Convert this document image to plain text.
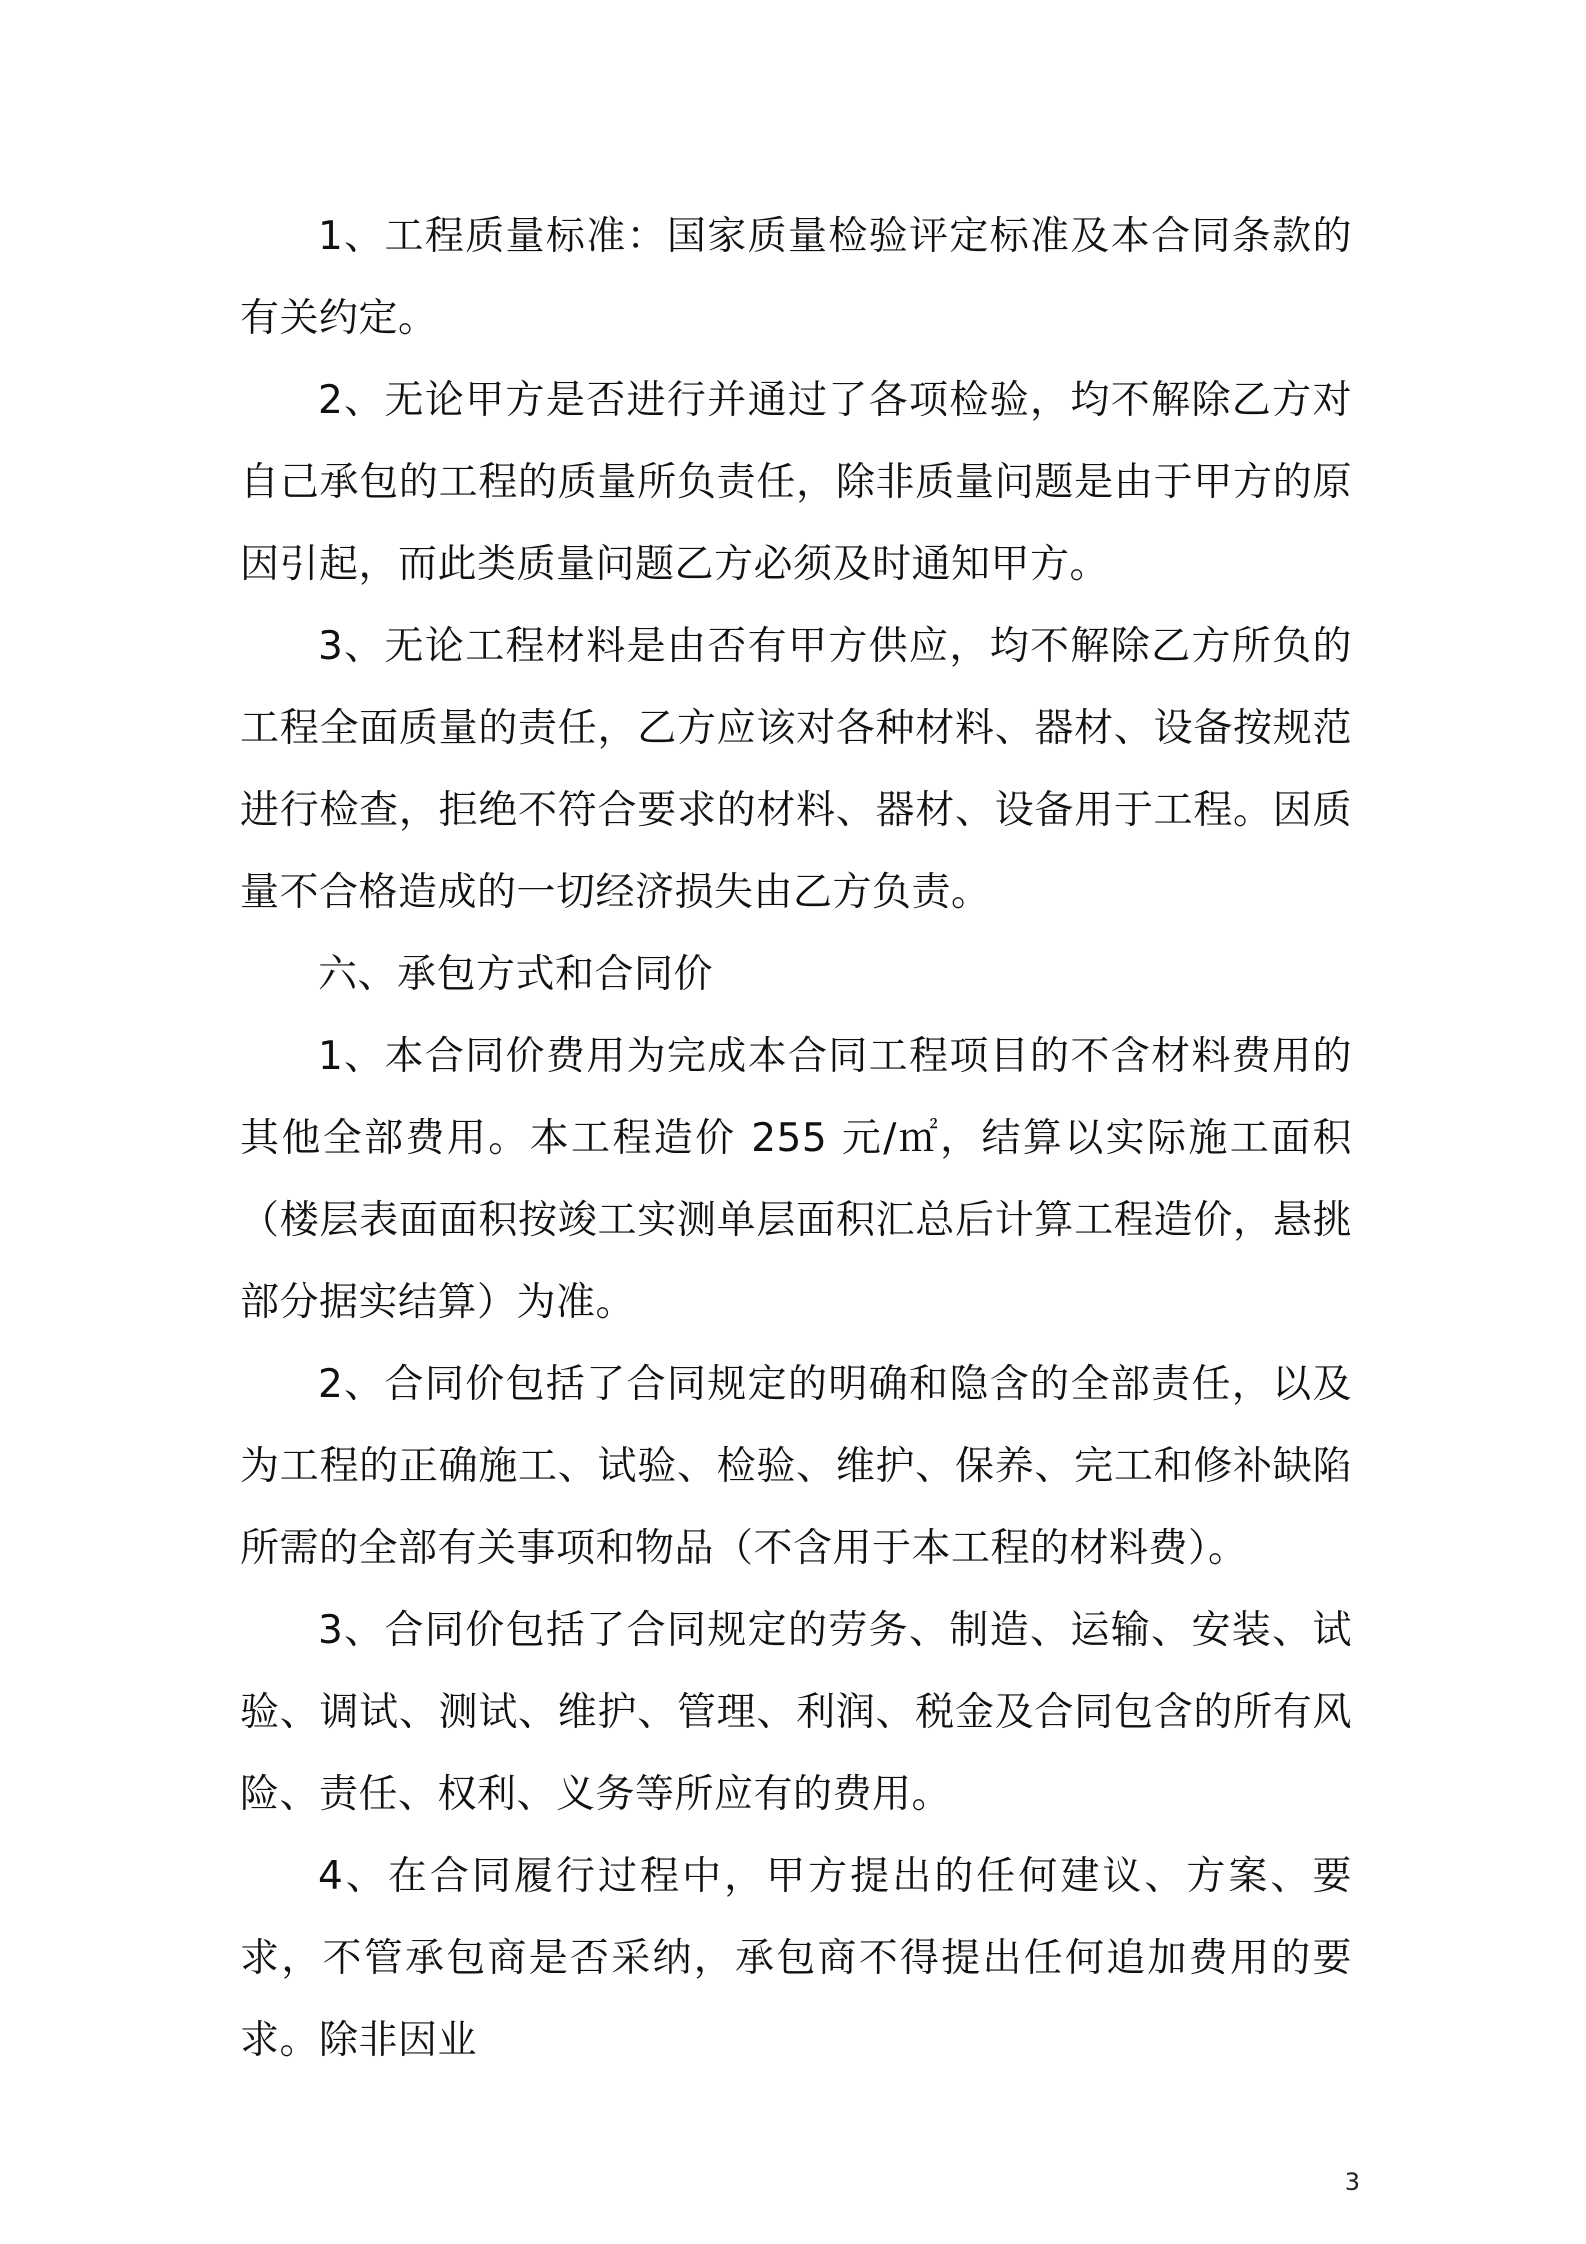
1、工程质量标准：国家质量检验评定标准及本合同条款的有关约定。

2、无论甲方是否进行并通过了各项检验，均不解除乙方对自己承包的工程的质量所负责任，除非质量问题是由于甲方的原因引起，而此类质量问题乙方必须及时通知甲方。

3、无论工程材料是由否有甲方供应，均不解除乙方所负的工程全面质量的责任，乙方应该对各种材料、器材、设备按规范进行检查，拒绝不符合要求的材料、器材、设备用于工程。因质量不合格造成的一切经济损失由乙方负责。

六、承包方式和合同价

1、本合同价费用为完成本合同工程项目的不含材料费用的其他全部费用。本工程造价 255 元/㎡，结算以实际施工面积（楼层表面面积按竣工实测单层面积汇总后计算工程造价，悬挑部分据实结算）为准。

2、合同价包括了合同规定的明确和隐含的全部责任，以及为工程的正确施工、试验、检验、维护、保养、完工和修补缺陷所需的全部有关事项和物品（不含用于本工程的材料费）。

3、合同价包括了合同规定的劳务、制造、运输、安装、试验、调试、测试、维护、管理、利润、税金及合同包含的所有风险、责任、权利、义务等所应有的费用。

4、在合同履行过程中，甲方提出的任何建议、方案、要求，不管承包商是否采纳，承包商不得提出任何追加费用的要求。除非因业

3
